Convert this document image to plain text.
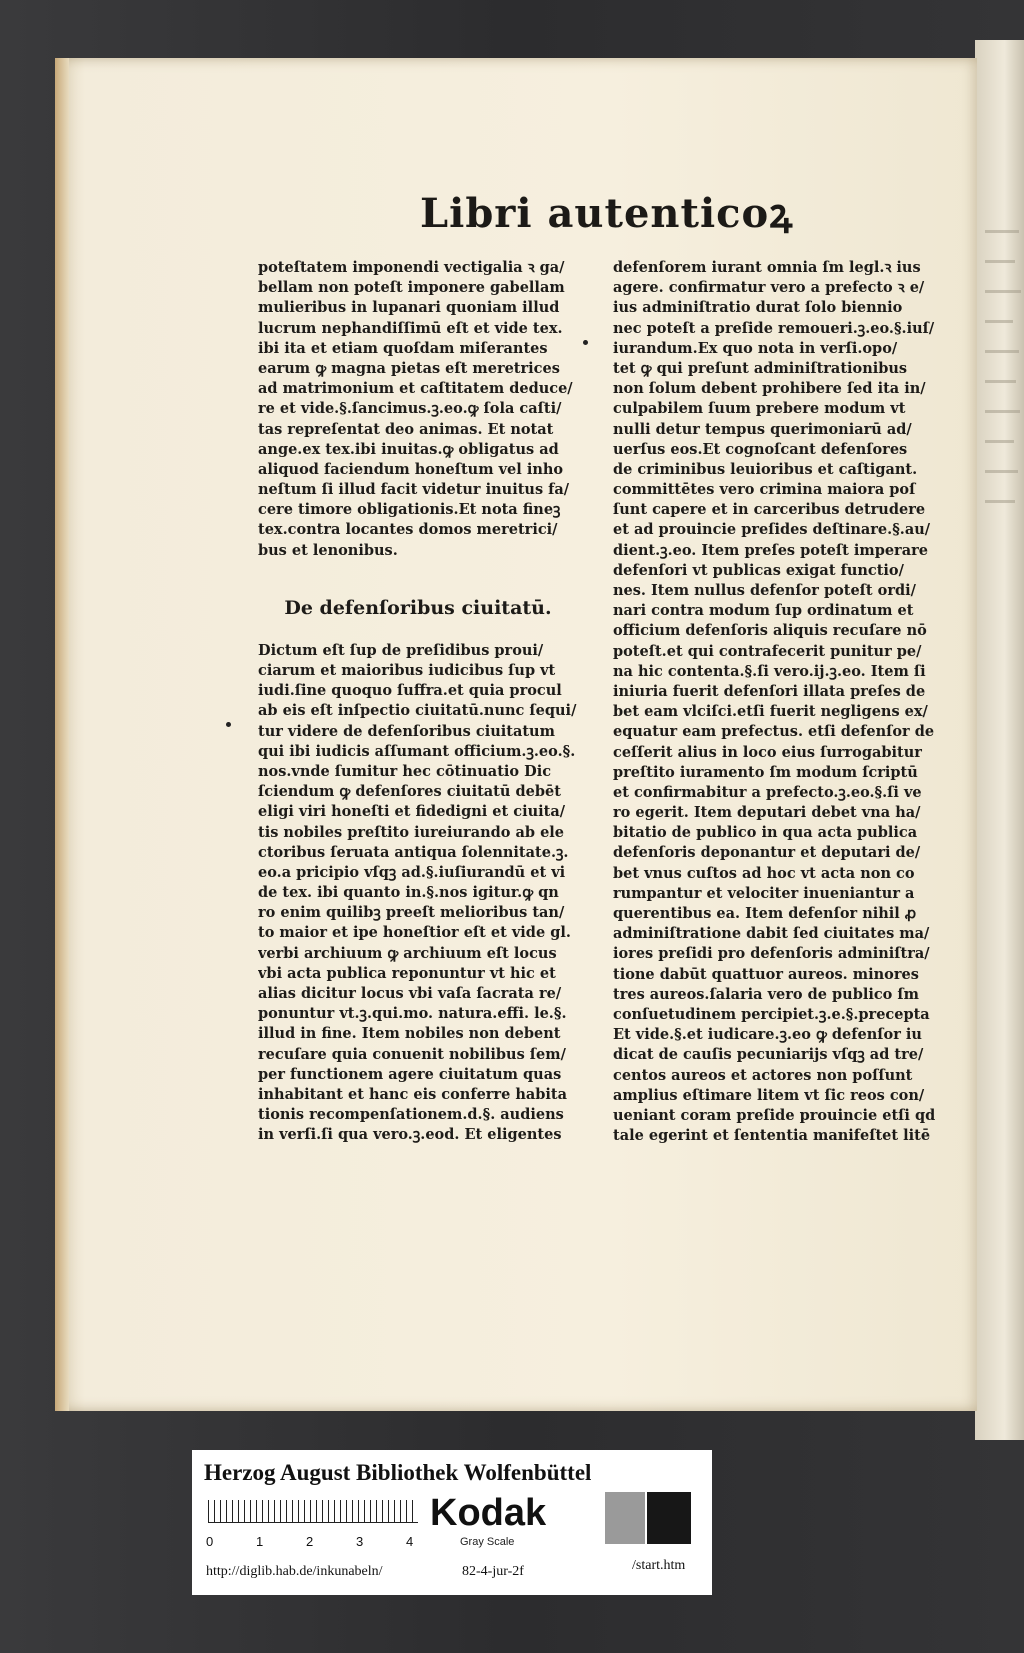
Libri autenticoꝝ
poteſtatem imponendi vectigalia ꝛ ga/
bellam non poteſt imponere gabellam
mulieribus in lupanari quoniam illud
lucrum nephandiſſimū eſt et vide tex.
ibi ita et etiam quoſdam miſerantes
earum ꝙ magna pietas eſt meretrices
ad matrimonium et caſtitatem deduce/
re et vide.§.ſancimus.ꝫ.eo.ꝙ ſola caſti/
tas repreſentat deo animas. Et notat
ange.ex tex.ibi inuitas.ꝙ obligatus ad
aliquod faciendum honeſtum vel inho
neſtum ſi illud facit videtur inuitus fa/
cere timore obligationis.Et nota fineꝫ
tex.contra locantes domos meretrici/
bus et lenonibus.
De defenſoribus ciuitatū.
Dictum eſt ſup de preſidibus proui/
ciarum et maioribus iudicibus ſup vt
iudi.ſine quoquo ſuffra.et quia procul
ab eis eſt inſpectio ciuitatū.nunc ſequi/
tur videre de defenſoribus ciuitatum
qui ibi iudicis aſſumant officium.ꝫ.eo.§.
nos.vnde ſumitur hec cōtinuatio Dic
ſciendum ꝙ defenſores ciuitatū debēt
eligi viri honeſti et fidedigni et ciuita/
tis nobiles preſtito iureiurando ab ele
ctoribus ſeruata antiqua ſolennitate.ꝫ.
eo.a pricipio vſqꝫ ad.§.iuſiurandū et vi
de tex. ibi quanto in.§.nos igitur.ꝙ qn
ro enim quilibꝫ preeſt melioribus tan/
to maior et ipe honeſtior eſt et vide gl.
verbi archiuum ꝙ archiuum eſt locus
vbi acta publica reponuntur vt hic et
alias dicitur locus vbi vaſa ſacrata re/
ponuntur vt.ꝫ.qui.mo. natura.effi. le.§.
illud in fine. Item nobiles non debent
recuſare quia conuenit nobilibus ſem/
per functionem agere ciuitatum quas
inhabitant et hanc eis conferre habita
tionis recompenſationem.d.§. audiens
in verſi.ſi qua vero.ꝫ.eod. Et eligentes
defenſorem iurant omnia ſm legl.ꝛ ius
agere. confirmatur vero a prefecto ꝛ e/
ius adminiſtratio durat ſolo biennio
nec poteſt a preſide remoueri.ꝫ.eo.§.iuſ/
iurandum.Ex quo nota in verſi.opo/
tet ꝙ qui preſunt adminiſtrationibus
non ſolum debent prohibere ſed ita in/
culpabilem ſuum prebere modum vt
nulli detur tempus querimoniarū ad/
uerſus eos.Et cognoſcant defenſores
de criminibus leuioribus et caſtigant.
committētes vero crimina maiora poſ
ſunt capere et in carceribus detrudere
et ad prouincie preſides deſtinare.§.au/
dient.ꝫ.eo. Item preſes poteſt imperare
defenſori vt publicas exigat functio/
nes. Item nullus defenſor poteſt ordi/
nari contra modum ſup ordinatum et
officium defenſoris aliquis recuſare nō
poteſt.et qui contrafecerit punitur pe/
na hic contenta.§.ſi vero.ij.ꝫ.eo. Item ſi
iniuria fuerit defenſori illata preſes de
bet eam vlciſci.etſi fuerit negligens ex/
equatur eam prefectus. etſi defenſor de
ceſſerit alius in loco eius ſurrogabitur
preſtito iuramento ſm modum ſcriptū
et confirmabitur a prefecto.ꝫ.eo.§.ſi ve
ro egerit. Item deputari debet vna ha/
bitatio de publico in qua acta publica
defenſoris deponantur et deputari de/
bet vnus cuſtos ad hoc vt acta non co
rumpantur et velociter inueniantur a
querentibus ea. Item defenſor nihil ꝓ
adminiſtratione dabit ſed ciuitates ma/
iores preſidi pro defenſoris adminiſtra/
tione dabūt quattuor aureos. minores
tres aureos.ſalaria vero de publico ſm
conſuetudinem percipiet.ꝫ.e.§.precepta
Et vide.§.et iudicare.ꝫ.eo ꝙ defenſor iu
dicat de cauſis pecuniarijs vſqꝫ ad tre/
centos aureos et actores non poſſunt
amplius eſtimare litem vt ſic reos con/
ueniant coram preſide prouincie etſi qd
tale egerint et ſententia manifeſtet litē
Herzog August Bibliothek Wolfenbüttel
0	1	2	3	4
Kodak
Gray Scale
http://diglib.hab.de/inkunabeln/	82-4-jur-2f	/start.htm
